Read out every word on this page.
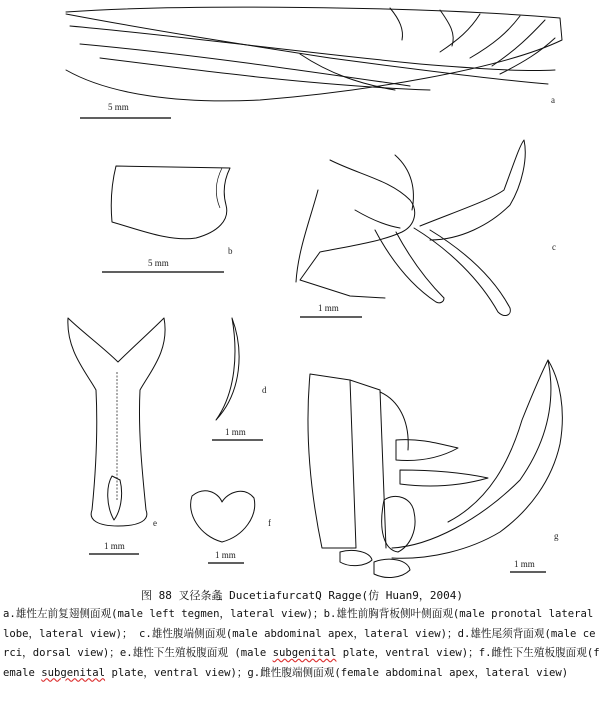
5 mm
a
5 mm
b
1 mm
c
1 mm
d
1 mm
e
1 mm
f
1 mm
g
图 88 叉径条螽 DucetiafurcatQ Ragge(仿 Huan9，2004)
a.雄性左前复翅侧面观(male left tegmen，lateral view)；b.雄性前胸背板侧叶侧面观(male pronotal lateral lobe，lateral view)； c.雄性腹端侧面观(male abdominal apex，lateral view)；d.雄性尾须背面观(male cerci，dorsal view)；e.雄性下生殖板腹面观 (male subgenital plate，ventral view)；f.雌性下生殖板腹面观(female subgenital plate，ventral view)；g.雌性腹端侧面观(female abdominal apex，lateral view)
